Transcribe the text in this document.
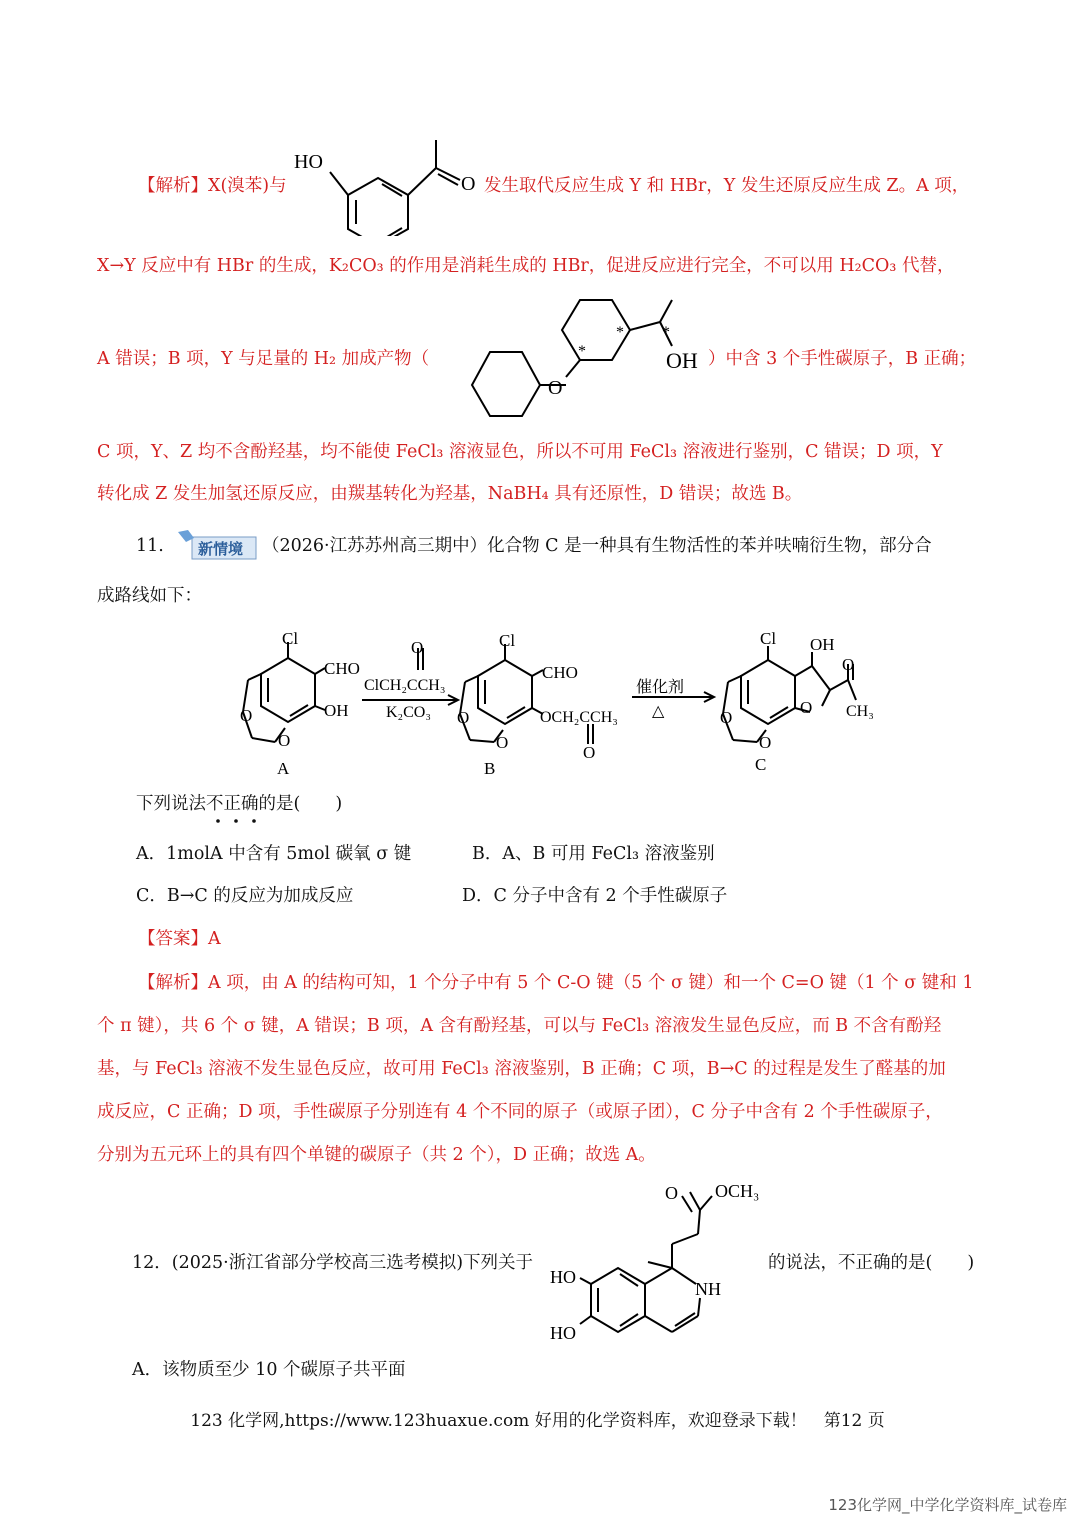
【解析】X(溴苯)与
HO
O 发生取代反应生成 Y 和 HBr，Y 发生还原反应生成 Z。A 项，
X→Y 反应中有 HBr 的生成，K₂CO₃ 的作用是消耗生成的 HBr，促进反应进行完全，不可以用 H₂CO₃ 代替，
A 错误；B 项，Y 与足量的 H₂ 加成产物（
O
OH
*
* *
）中含 3 个手性碳原子，B 正确；
C 项，Y、Z 均不含酚羟基，均不能使 FeCl₃ 溶液显色，所以不可用 FeCl₃ 溶液进行鉴别，C 错误；D 项，Y
转化成 Z 发生加氢还原反应，由羰基转化为羟基，NaBH₄ 具有还原性，D 错误；故选 B。
11. 新情境 （2026·江苏苏州高三期中）化合物 C 是一种具有生物活性的苯并呋喃衍生物，部分合
成路线如下：
Cl
CHO
OH
O
O
A
O
ClCH₂CCH₃
K₂CO₃
Cl
CHO
OCH₂CCH₃
O
O
O
B
催化剂
△
Cl OH
O
CH₃
O
O
O
C
下列说法不正确的是(　　)
A．1molA 中含有 5mol 碳氧 σ 键	B．A、B 可用 FeCl₃ 溶液鉴别
C．B→C 的反应为加成反应	D．C 分子中含有 2 个手性碳原子
【答案】A
【解析】A 项，由 A 的结构可知，1 个分子中有 5 个 C-O 键（5 个 σ 键）和一个 C=O 键（1 个 σ 键和 1
个 π 键），共 6 个 σ 键，A 错误；B 项，A 含有酚羟基，可以与 FeCl₃ 溶液发生显色反应，而 B 不含有酚羟
基，与 FeCl₃ 溶液不发生显色反应，故可用 FeCl₃ 溶液鉴别，B 正确；C 项，B→C 的过程是发生了醛基的加
成反应，C 正确；D 项，手性碳原子分别连有 4 个不同的原子（或原子团），C 分子中含有 2 个手性碳原子，
分别为五元环上的具有四个单键的碳原子（共 2 个），D 正确；故选 A。
12．(2025·浙江省部分学校高三选考模拟)下列关于
O OCH₃
HO
NH
HO
的说法，不正确的是(　　)
A．该物质至少 10 个碳原子共平面
123 化学网,https://www.123huaxue.com 好用的化学资料库，欢迎登录下载！　第12 页
123化学网_中学化学资料库_试卷库
